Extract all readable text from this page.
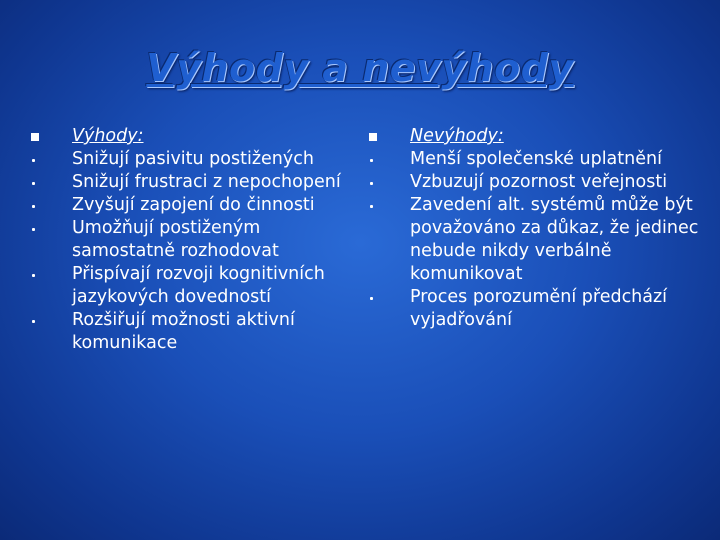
Výhody a nevýhody
Výhody:
Snižují pasivitu postižených
Snižují frustraci z nepochopení
Zvyšují zapojení do činnosti
Umožňují postiženým samostatně rozhodovat
Přispívají rozvoji kognitivních jazykových dovedností
Rozšiřují možnosti aktivní komunikace
Nevýhody:
Menší společenské uplatnění
Vzbuzují pozornost veřejnosti
Zavedení alt. systémů může být považováno za důkaz, že jedinec nebude nikdy verbálně komunikovat
Proces porozumění předchází vyjadřování
